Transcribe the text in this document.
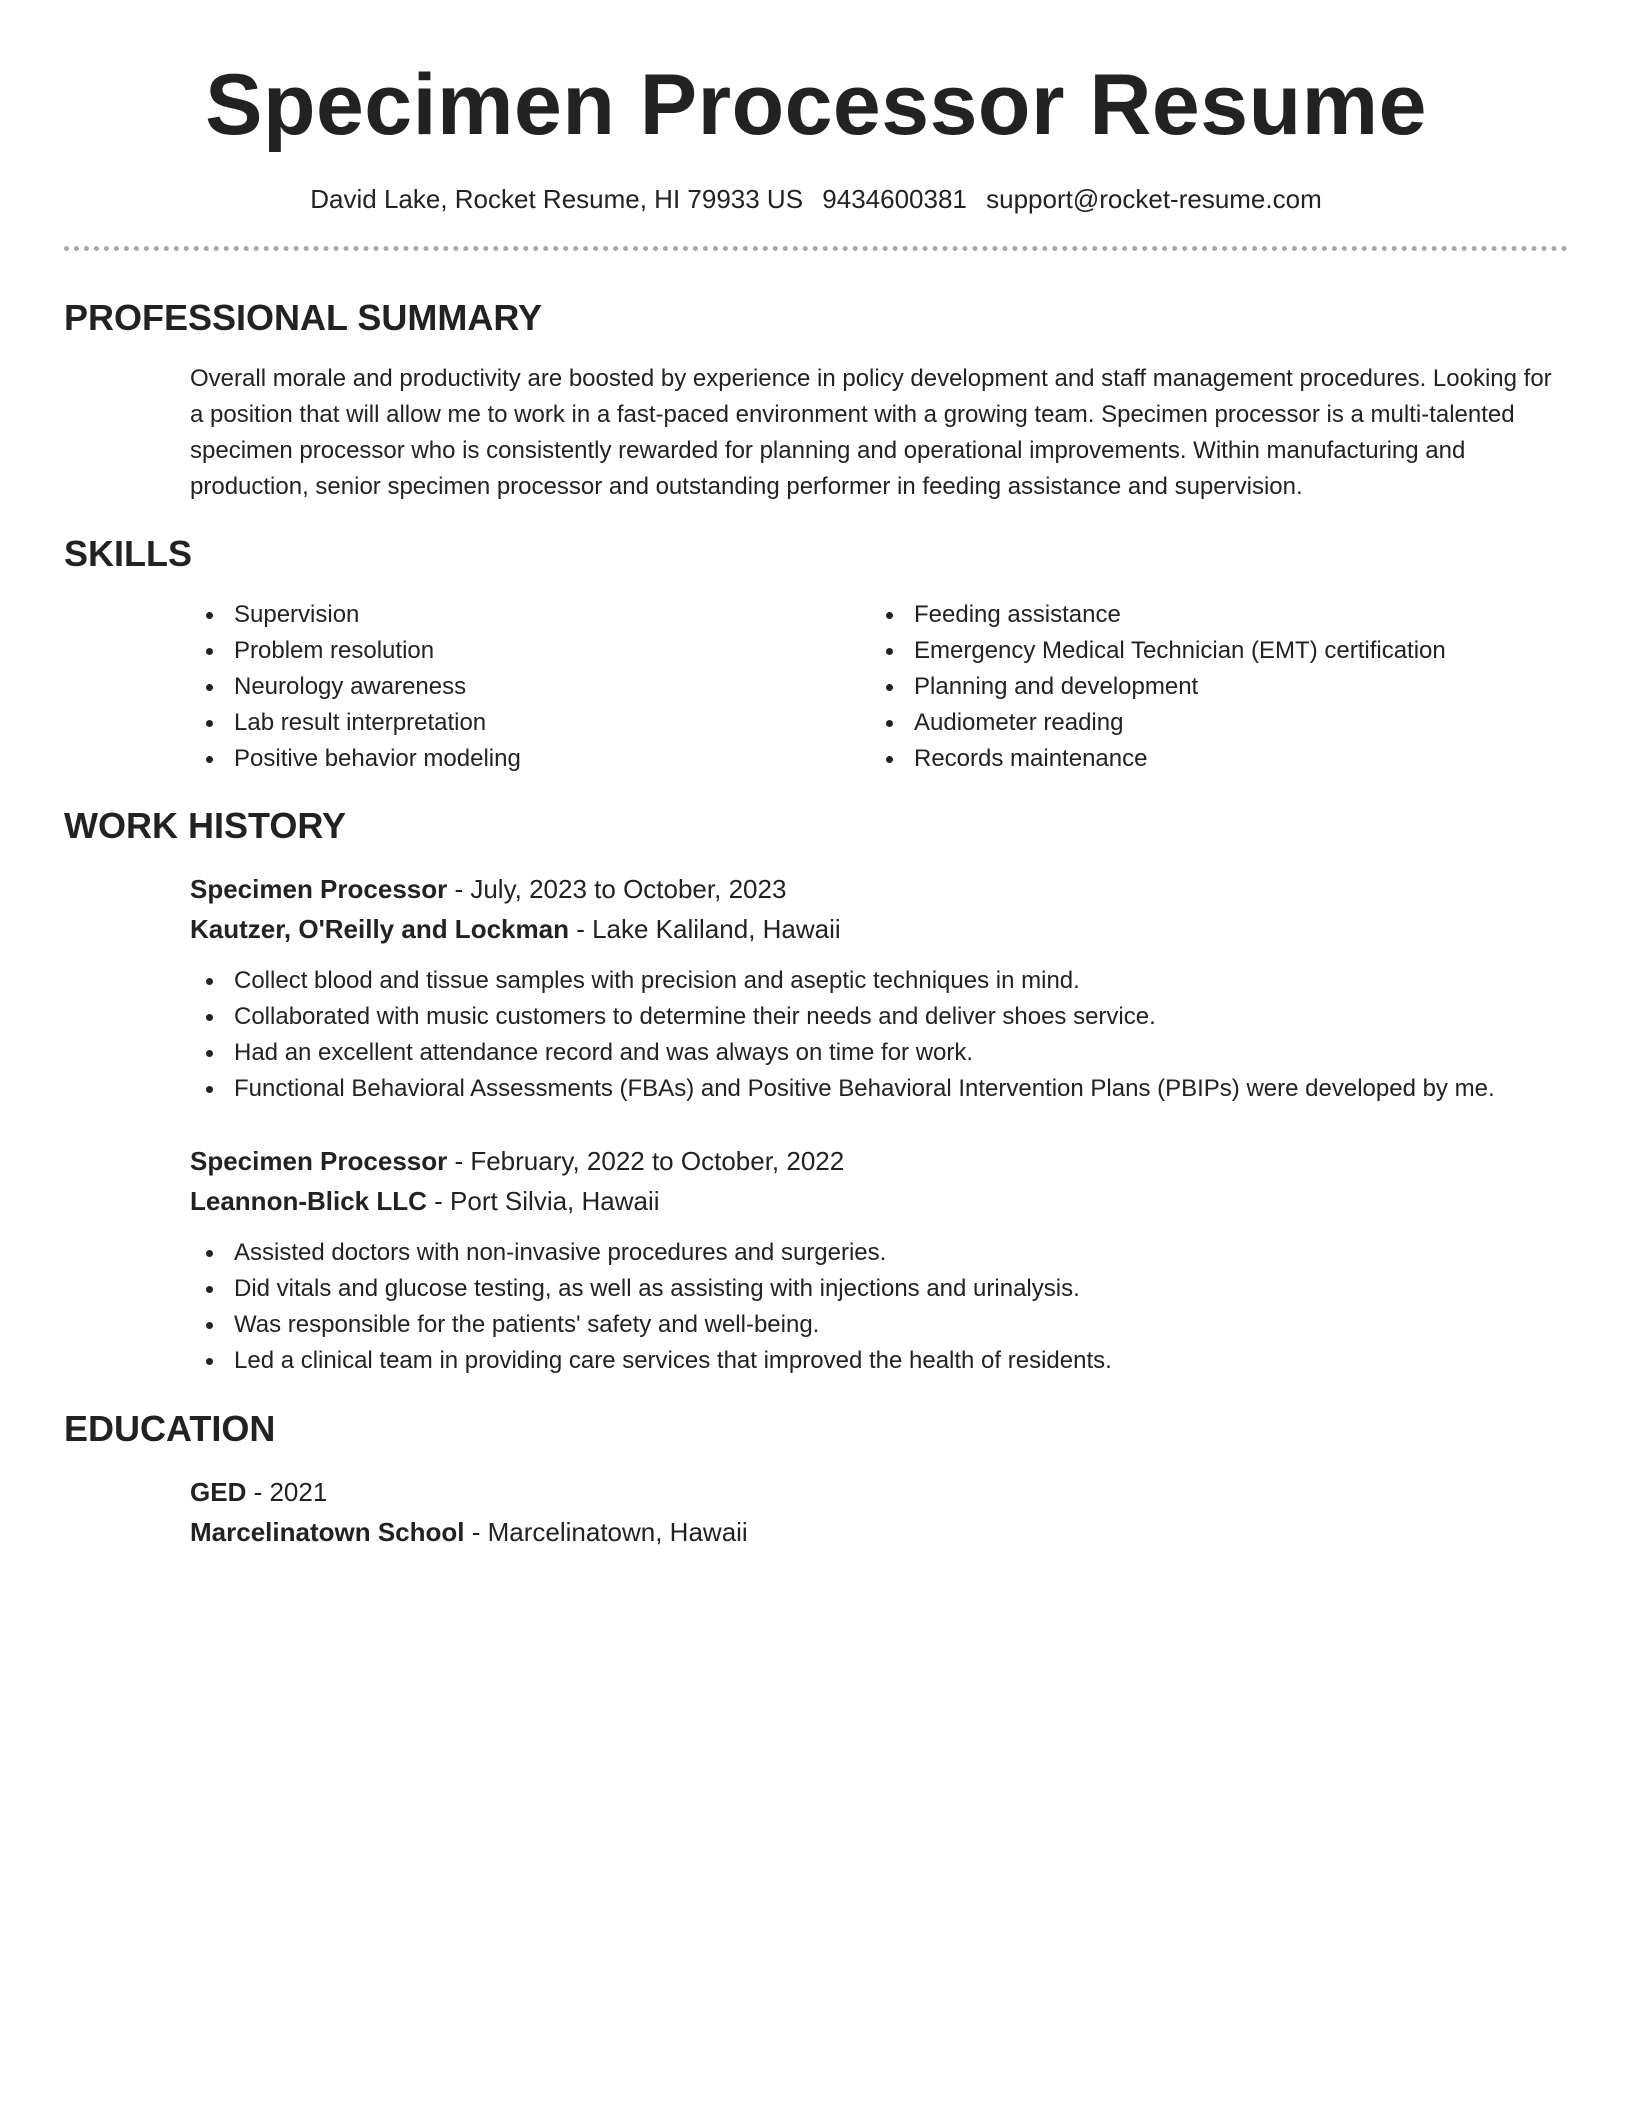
Specimen Processor Resume
David Lake, Rocket Resume, HI 79933 US 9434600381 support@rocket-resume.com
PROFESSIONAL SUMMARY

Overall morale and productivity are boosted by experience in policy development and staff management procedures. Looking for a position that will allow me to work in a fast-paced environment with a growing team. Specimen processor is a multi-talented specimen processor who is consistently rewarded for planning and operational improvements. Within manufacturing and production, senior specimen processor and outstanding performer in feeding assistance and supervision.

SKILLS
Supervision
Problem resolution
Neurology awareness
Lab result interpretation
Positive behavior modeling
Feeding assistance
Emergency Medical Technician (EMT) certification
Planning and development
Audiometer reading
Records maintenance
WORK HISTORY
Specimen Processor - July, 2023 to October, 2023
Kautzer, O'Reilly and Lockman - Lake Kaliland, Hawaii
Collect blood and tissue samples with precision and aseptic techniques in mind.
Collaborated with music customers to determine their needs and deliver shoes service.
Had an excellent attendance record and was always on time for work.
Functional Behavioral Assessments (FBAs) and Positive Behavioral Intervention Plans (PBIPs) were developed by me.
Specimen Processor - February, 2022 to October, 2022
Leannon-Blick LLC - Port Silvia, Hawaii
Assisted doctors with non-invasive procedures and surgeries.
Did vitals and glucose testing, as well as assisting with injections and urinalysis.
Was responsible for the patients' safety and well-being.
Led a clinical team in providing care services that improved the health of residents.
EDUCATION
GED - 2021
Marcelinatown School - Marcelinatown, Hawaii
